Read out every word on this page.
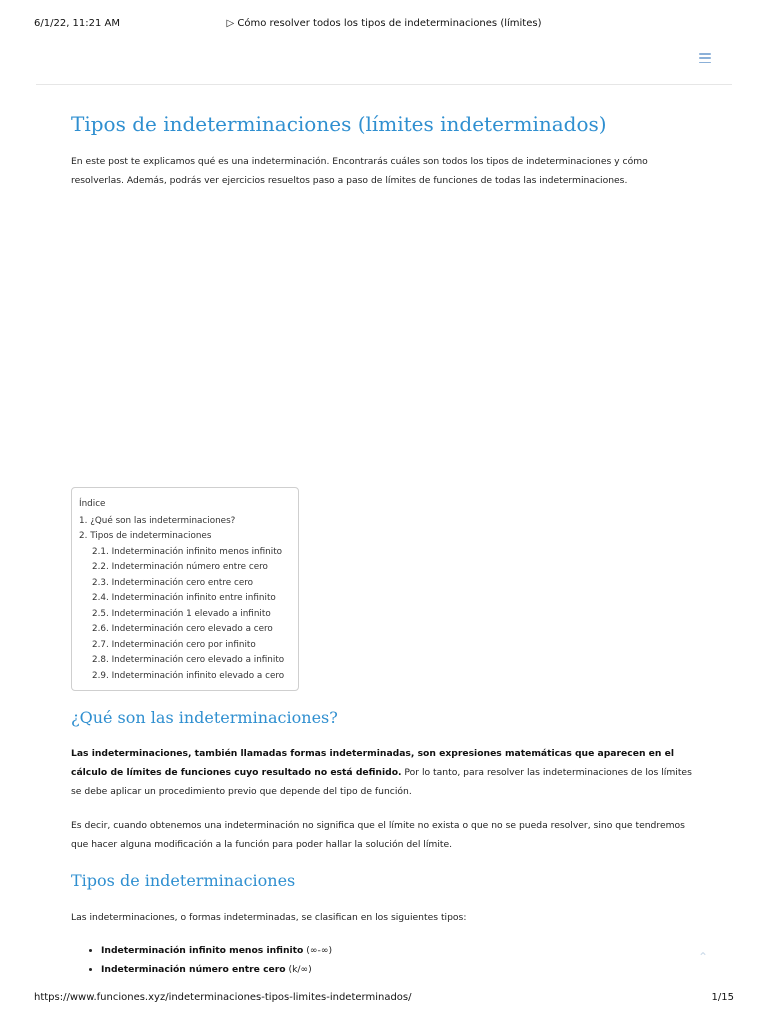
6/1/22, 11:21 AM	▷ Cómo resolver todos los tipos de indeterminaciones (límites)
Tipos de indeterminaciones (límites indeterminados)

En este post te explicamos qué es una indeterminación. Encontrarás cuáles son todos los tipos de indeterminaciones y cómo resolverlas. Además, podrás ver ejercicios resueltos paso a paso de límites de funciones de todas las indeterminaciones.

Índice
1. ¿Qué son las indeterminaciones?
2. Tipos de indeterminaciones
2.1. Indeterminación infinito menos infinito
2.2. Indeterminación número entre cero
2.3. Indeterminación cero entre cero
2.4. Indeterminación infinito entre infinito
2.5. Indeterminación 1 elevado a infinito
2.6. Indeterminación cero elevado a cero
2.7. Indeterminación cero por infinito
2.8. Indeterminación cero elevado a infinito
2.9. Indeterminación infinito elevado a cero
¿Qué son las indeterminaciones?

Las indeterminaciones, también llamadas formas indeterminadas, son expresiones matemáticas que aparecen en el cálculo de límites de funciones cuyo resultado no está definido. Por lo tanto, para resolver las indeterminaciones de los límites se debe aplicar un procedimiento previo que depende del tipo de función.

Es decir, cuando obtenemos una indeterminación no significa que el límite no exista o que no se pueda resolver, sino que tendremos que hacer alguna modificación a la función para poder hallar la solución del límite.

Tipos de indeterminaciones

Las indeterminaciones, o formas indeterminadas, se clasifican en los siguientes tipos:

• Indeterminación infinito menos infinito (∞-∞)
• Indeterminación número entre cero (k/∞)
⌃
https://www.funciones.xyz/indeterminaciones-tipos-limites-indeterminados/	1/15
